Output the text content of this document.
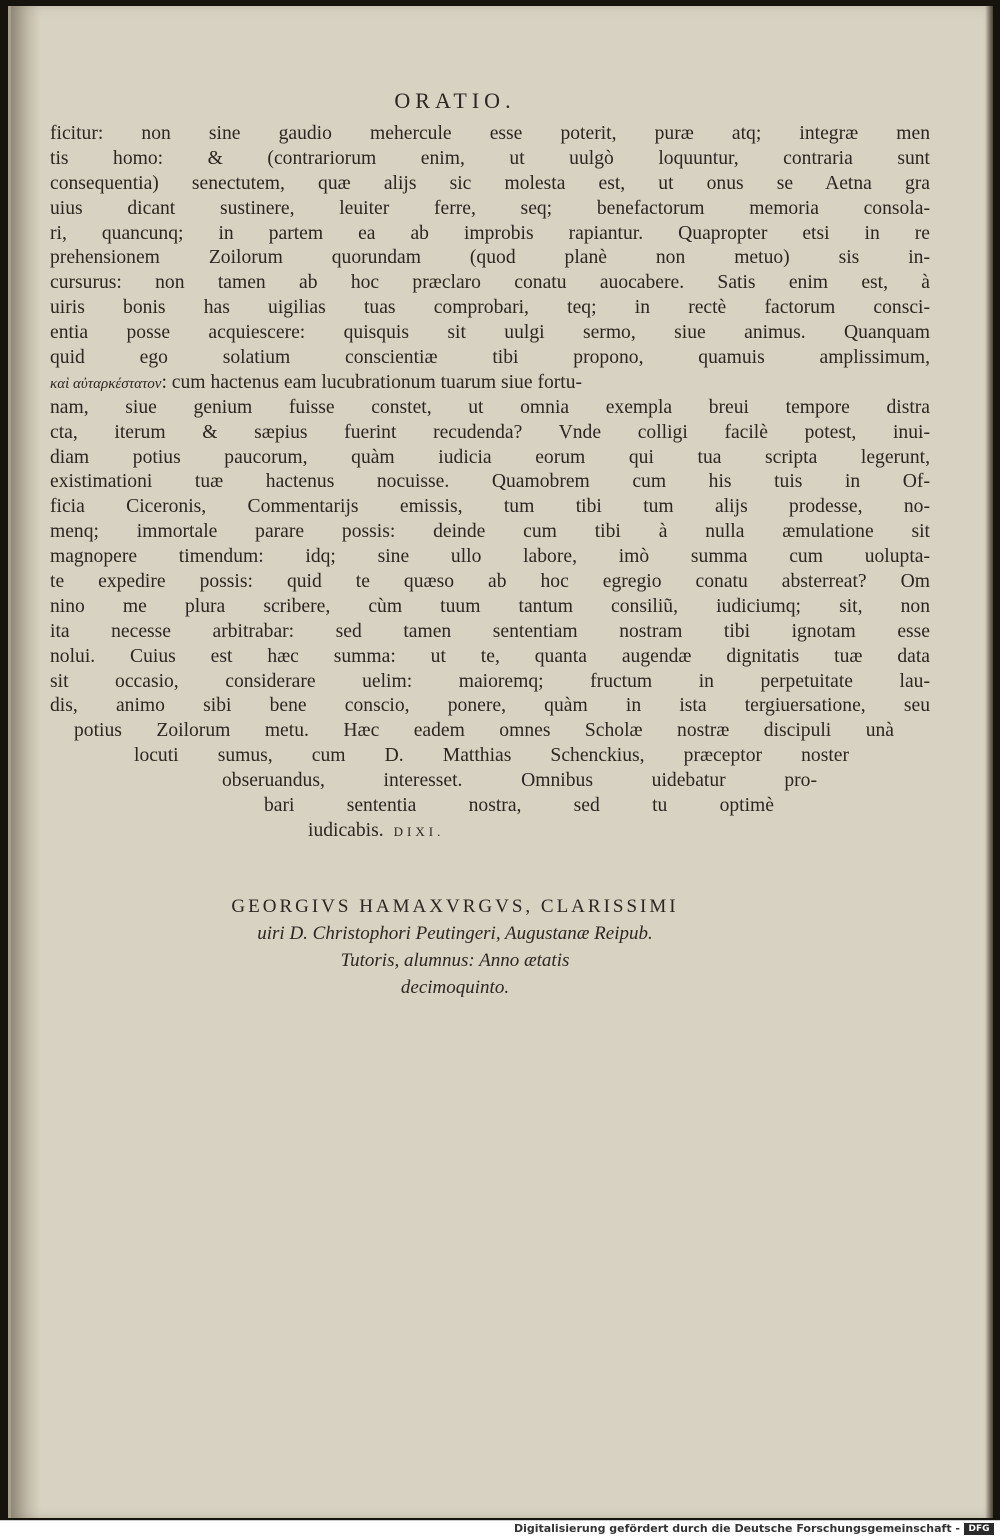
ORATIO.
ficitur: non sine gaudio mehercule esse poterit, puræ atq; integræ men
tis homo: & (contrariorum enim, ut uulgò loquuntur, contraria sunt
consequentia) senectutem, quæ alijs sic molesta est, ut onus se Aetna gra
uius dicant sustinere, leuiter ferre, seq; benefactorum memoria consola-
ri, quancunq; in partem ea ab improbis rapiantur. Quapropter etsi in re
prehensionem Zoilorum quorundam (quod planè non metuo) sis in-
cursurus: non tamen ab hoc præclaro conatu auocabere. Satis enim est, à
uiris bonis has uigilias tuas comprobari, teq; in rectè factorum consci-
entia posse acquiescere: quisquis sit uulgi sermo, siue animus. Quanquam
quid ego solatium conscientiæ tibi propono, quamuis amplissimum,
καὶ αὐταρκέστατον: cum hactenus eam lucubrationum tuarum siue fortu-
nam, siue genium fuisse constet, ut omnia exempla breui tempore distra
cta, iterum & sæpius fuerint recudenda? Vnde colligi facilè potest, inui-
diam potius paucorum, quàm iudicia eorum qui tua scripta legerunt,
existimationi tuæ hactenus nocuisse. Quamobrem cum his tuis in Of-
ficia Ciceronis, Commentarijs emissis, tum tibi tum alijs prodesse, no-
menq; immortale parare possis: deinde cum tibi à nulla æmulatione sit
magnopere timendum: idq; sine ullo labore, imò summa cum uolupta-
te expedire possis: quid te quæso ab hoc egregio conatu absterreat? Om
nino me plura scribere, cùm tuum tantum consiliũ, iudiciumq; sit, non
ita necesse arbitrabar: sed tamen sententiam nostram tibi ignotam esse
nolui. Cuius est hæc summa: ut te, quanta augendæ dignitatis tuæ data
sit occasio, considerare uelim: maioremq; fructum in perpetuitate lau-
dis, animo sibi bene conscio, ponere, quàm in ista tergiuersatione, seu
potius Zoilorum metu. Hæc eadem omnes Scholæ nostræ discipuli unà
locuti sumus, cum D. Matthias Schenckius, præceptor noster
obseruandus, interesset. Omnibus uidebatur pro-
bari sententia nostra, sed tu optimè
iudicabis. DIXI.
GEORGIVS HAMAXVRGVS, CLARISSIMI
uiri D. Christophori Peutingeri, Augustanæ Reipub.
Tutoris, alumnus: Anno ætatis
decimoquinto.
Digitalisierung gefördert durch die Deutsche Forschungsgemeinschaft - DFG
